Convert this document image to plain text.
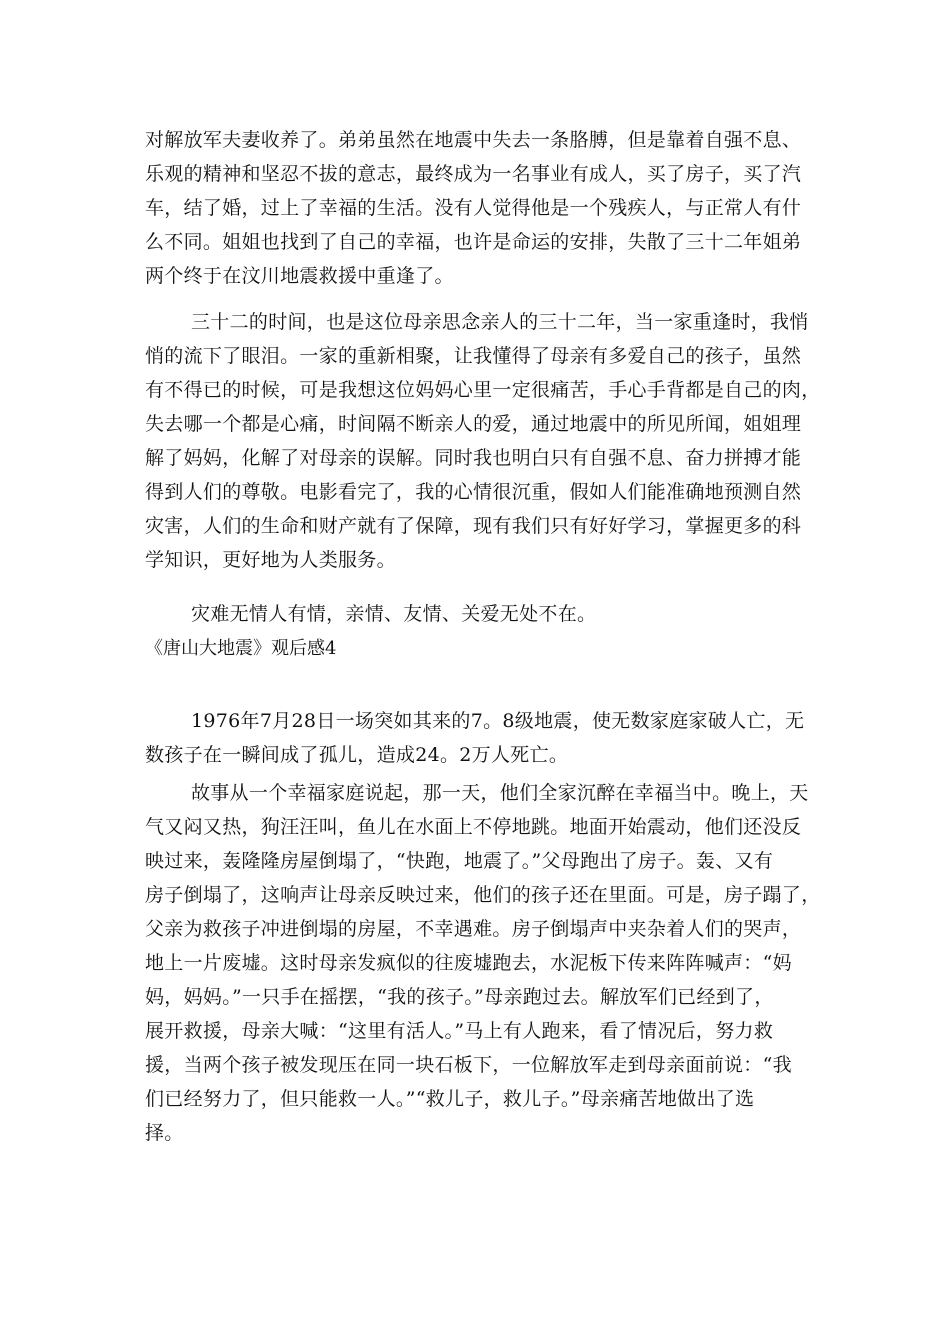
对解放军夫妻收养了。弟弟虽然在地震中失去一条胳膊，但是靠着自强不息、
乐观的精神和坚忍不拔的意志，最终成为一名事业有成人，买了房子，买了汽
车，结了婚，过上了幸福的生活。没有人觉得他是一个残疾人，与正常人有什
么不同。姐姐也找到了自己的幸福，也许是命运的安排，失散了三十二年姐弟
两个终于在汶川地震救援中重逢了。
三十二的时间，也是这位母亲思念亲人的三十二年，当一家重逢时，我悄
悄的流下了眼泪。一家的重新相聚，让我懂得了母亲有多爱自己的孩子，虽然
有不得已的时候，可是我想这位妈妈心里一定很痛苦，手心手背都是自己的肉，
失去哪一个都是心痛，时间隔不断亲人的爱，通过地震中的所见所闻，姐姐理
解了妈妈，化解了对母亲的误解。同时我也明白只有自强不息、奋力拼搏才能
得到人们的尊敬。电影看完了，我的心情很沉重，假如人们能准确地预测自然
灾害，人们的生命和财产就有了保障，现有我们只有好好学习，掌握更多的科
学知识，更好地为人类服务。
灾难无情人有情，亲情、友情、关爱无处不在。
《唐山大地震》观后感4
1976年7月28日一场突如其来的7。8级地震，使无数家庭家破人亡，无
数孩子在一瞬间成了孤儿，造成24。2万人死亡。
故事从一个幸福家庭说起，那一天，他们全家沉醉在幸福当中。晚上，天
气又闷又热，狗汪汪叫，鱼儿在水面上不停地跳。地面开始震动，他们还没反
映过来，轰隆隆房屋倒塌了，“快跑，地震了。”父母跑出了房子。轰、又有
房子倒塌了，这响声让母亲反映过来，他们的孩子还在里面。可是，房子蹋了，
父亲为救孩子冲进倒塌的房屋，不幸遇难。房子倒塌声中夹杂着人们的哭声，
地上一片废墟。这时母亲发疯似的往废墟跑去，水泥板下传来阵阵喊声：“妈
妈，妈妈。”一只手在摇摆，“我的孩子。”母亲跑过去。解放军们已经到了，
展开救援，母亲大喊：“这里有活人。”马上有人跑来，看了情况后，努力救
援，当两个孩子被发现压在同一块石板下，一位解放军走到母亲面前说：“我
们已经努力了，但只能救一人。”“救儿子，救儿子。”母亲痛苦地做出了选
择。
